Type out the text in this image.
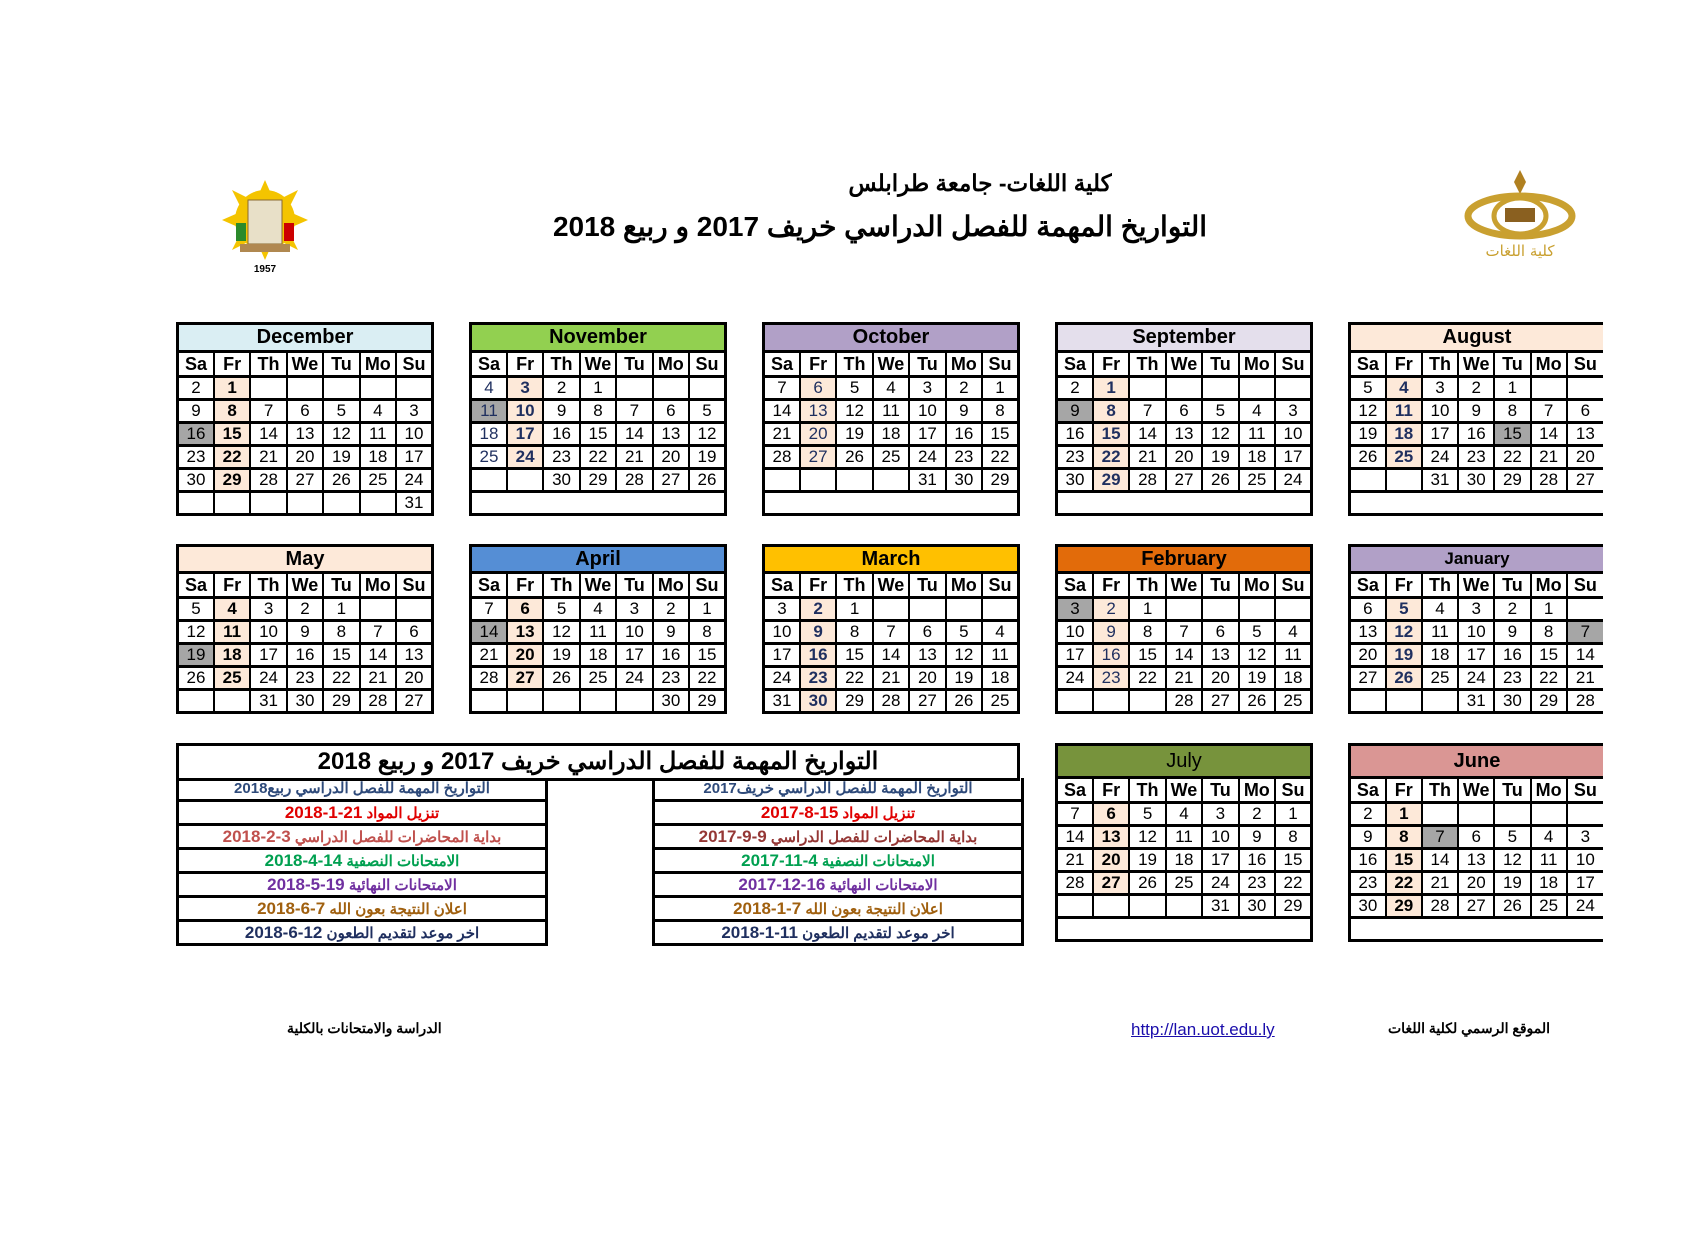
1957
كلية اللغات
كلية اللغات- جامعة طرابلس
التواريخ المهمة للفصل الدراسي خريف 2017 و ربيع 2018
December						
Sa	Fr	Th	We	Tu	Mo	Su
2	1					
9	8	7	6	5	4	3
16	15	14	13	12	11	10
23	22	21	20	19	18	17
30	29	28	27	26	25	24
						31
November						
Sa	Fr	Th	We	Tu	Mo	Su
4	3	2	1			
11	10	9	8	7	6	5
18	17	16	15	14	13	12
25	24	23	22	21	20	19
		30	29	28	27	26

October						
Sa	Fr	Th	We	Tu	Mo	Su
7	6	5	4	3	2	1
14	13	12	11	10	9	8
21	20	19	18	17	16	15
28	27	26	25	24	23	22
				31	30	29

September						
Sa	Fr	Th	We	Tu	Mo	Su
2	1					
9	8	7	6	5	4	3
16	15	14	13	12	11	10
23	22	21	20	19	18	17
30	29	28	27	26	25	24

August						
Sa	Fr	Th	We	Tu	Mo	Su
5	4	3	2	1		
12	11	10	9	8	7	6
19	18	17	16	15	14	13
26	25	24	23	22	21	20
		31	30	29	28	27

May						
Sa	Fr	Th	We	Tu	Mo	Su
5	4	3	2	1		
12	11	10	9	8	7	6
19	18	17	16	15	14	13
26	25	24	23	22	21	20
		31	30	29	28	27
April						
Sa	Fr	Th	We	Tu	Mo	Su
7	6	5	4	3	2	1
14	13	12	11	10	9	8
21	20	19	18	17	16	15
28	27	26	25	24	23	22
					30	29
March						
Sa	Fr	Th	We	Tu	Mo	Su
3	2	1				
10	9	8	7	6	5	4
17	16	15	14	13	12	11
24	23	22	21	20	19	18
31	30	29	28	27	26	25
February						
Sa	Fr	Th	We	Tu	Mo	Su
3	2	1				
10	9	8	7	6	5	4
17	16	15	14	13	12	11
24	23	22	21	20	19	18
			28	27	26	25
January						
Sa	Fr	Th	We	Tu	Mo	Su
6	5	4	3	2	1	
13	12	11	10	9	8	7
20	19	18	17	16	15	14
27	26	25	24	23	22	21
			31	30	29	28
July						
Sa	Fr	Th	We	Tu	Mo	Su
7	6	5	4	3	2	1
14	13	12	11	10	9	8
21	20	19	18	17	16	15
28	27	26	25	24	23	22
				31	30	29

June						
Sa	Fr	Th	We	Tu	Mo	Su
2	1					
9	8	7	6	5	4	3
16	15	14	13	12	11	10
23	22	21	20	19	18	17
30	29	28	27	26	25	24

التواريخ المهمة للفصل الدراسي خريف 2017 و ربيع 2018
التواريخ المهمة للفصل الدراسي ربيع2018
تنزيل المواد 2018-1-21
بداية المحاضرات للفصل الدراسي 2018-2-3
الامتحانات النصفية 2018-4-14
الامتحانات النهائية 2018-5-19
اعلان النتيجة بعون الله 2018-6-7
اخر موعد لتقديم الطعون 2018-6-12
التواريخ المهمة للفصل الدراسي خريف2017
تنزيل المواد 2017-8-15
بداية المحاضرات للفصل الدراسي 2017-9-9
الامتحانات النصفية 2017-11-4
الامتحانات النهائية 2017-12-16
اعلان النتيجة بعون الله 2018-1-7
اخر موعد لتقديم الطعون 2018-1-11
الدراسة والامتحانات بالكلية	http://lan.uot.edu.ly	الموقع الرسمي لكلية اللغات
